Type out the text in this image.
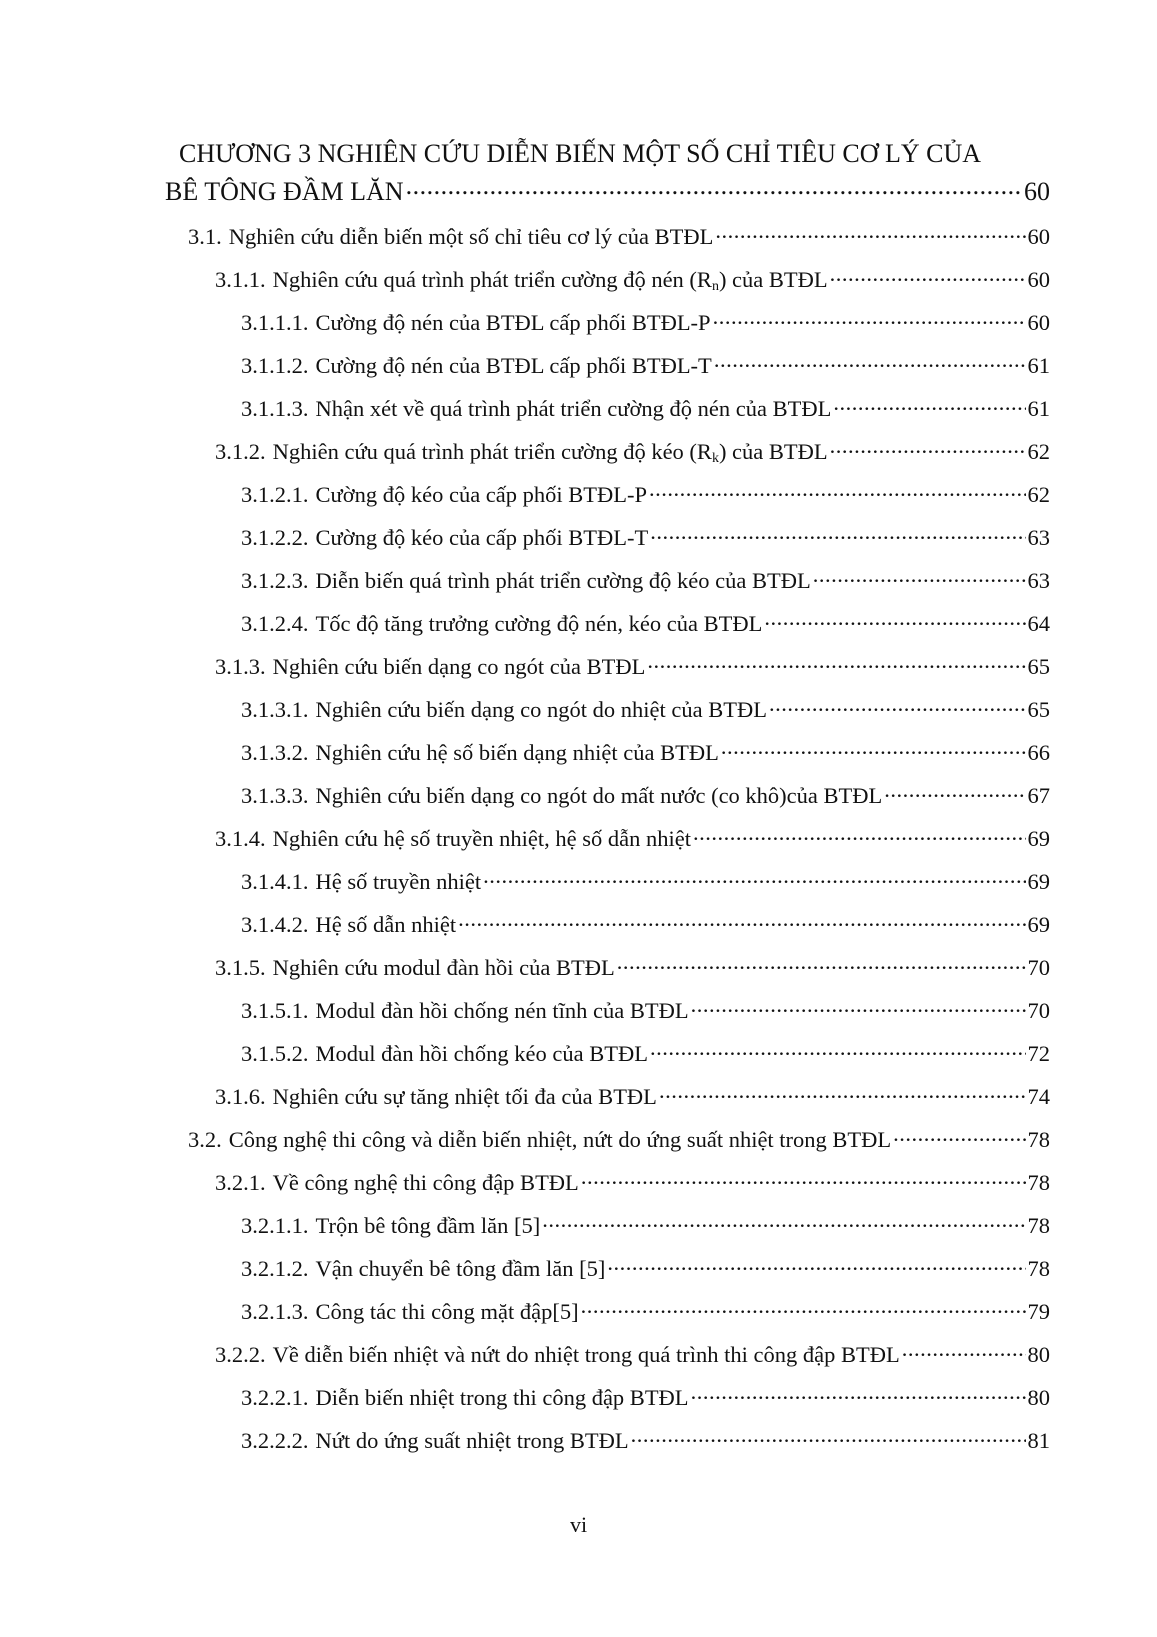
CHƯƠNG 3 NGHIÊN CỨU DIỄN BIẾN MỘT SỐ CHỈ TIÊU CƠ LÝ CỦA
BÊ TÔNG ĐẦM LĂN .....	60
3.1. Nghiên cứu diễn biến một số chỉ tiêu cơ lý của BTĐL .....	60
3.1.1. Nghiên cứu quá trình phát triển cường độ nén $(R_n)$ của BTĐL .....	60
3.1.1.1. Cường độ nén của BTĐL cấp phối BTĐL-P .....	60
3.1.1.2. Cường độ nén của BTĐL cấp phối BTĐL-T .....	61
3.1.1.3. Nhận xét về quá trình phát triển cường độ nén của BTĐL .....	61
3.1.2. Nghiên cứu quá trình phát triển cường độ kéo $(R_k)$ của BTĐL .....	62
3.1.2.1. Cường độ kéo của cấp phối BTĐL-P .....	62
3.1.2.2. Cường độ kéo của cấp phối BTĐL-T .....	63
3.1.2.3. Diễn biến quá trình phát triển cường độ kéo của BTĐL .....	63
3.1.2.4. Tốc độ tăng trưởng cường độ nén, kéo của BTĐL .....	64
3.1.3. Nghiên cứu biến dạng co ngót của BTĐL .....	65
3.1.3.1. Nghiên cứu biến dạng co ngót do nhiệt của BTĐL .....	65
3.1.3.2. Nghiên cứu hệ số biến dạng nhiệt của BTĐL .....	66
3.1.3.3. Nghiên cứu biến dạng co ngót do mất nước (co khô)của BTĐL .....	67
3.1.4. Nghiên cứu hệ số truyền nhiệt, hệ số dẫn nhiệt .....	69
3.1.4.1. Hệ số truyền nhiệt .....	69
3.1.4.2. Hệ số dẫn nhiệt .....	69
3.1.5. Nghiên cứu modul đàn hồi của BTĐL .....	70
3.1.5.1. Modul đàn hồi chống nén tĩnh của BTĐL .....	70
3.1.5.2. Modul đàn hồi chống kéo của BTĐL .....	72
3.1.6. Nghiên cứu sự tăng nhiệt tối đa của BTĐL .....	74
3.2. Công nghệ thi công và diễn biến nhiệt, nứt do ứng suất nhiệt trong BTĐL .....	78
3.2.1. Về công nghệ thi công đập BTĐL .....	78
3.2.1.1. Trộn bê tông đầm lăn [5] .....	78
3.2.1.2. Vận chuyển bê tông đầm lăn [5] .....	78
3.2.1.3. Công tác thi công mặt đập[5] .....	79
3.2.2. Về diễn biến nhiệt và nứt do nhiệt trong quá trình thi công đập BTĐL .....	80
3.2.2.1. Diễn biến nhiệt trong thi công đập BTĐL .....	80
3.2.2.2. Nứt do ứng suất nhiệt trong BTĐL .....	81
vi
